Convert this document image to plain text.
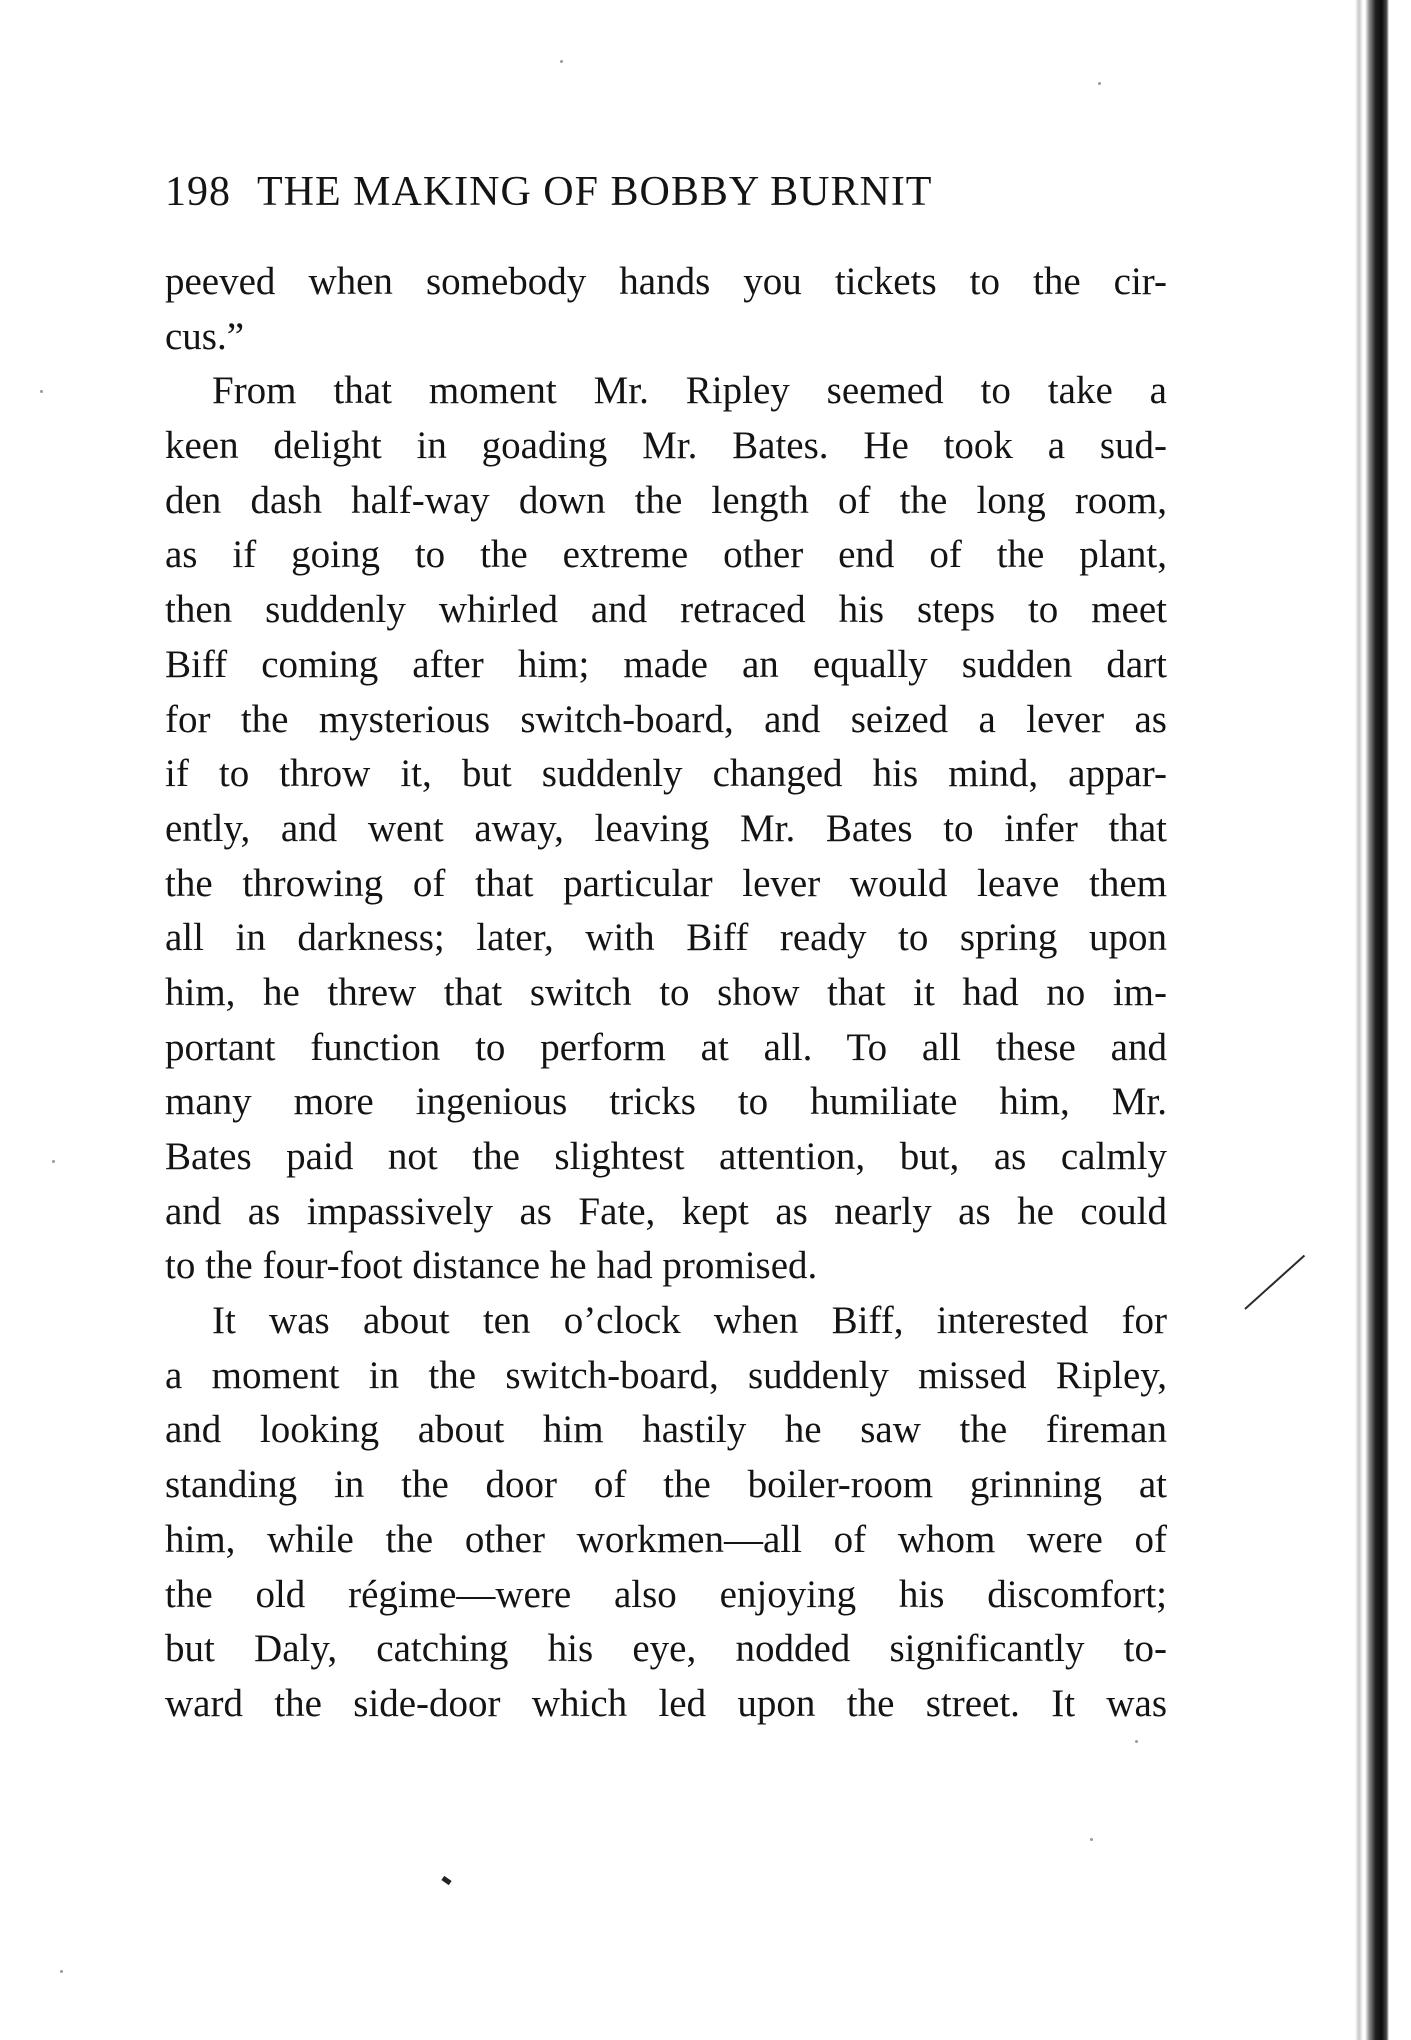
198 THE MAKING OF BOBBY BURNIT
peeved when somebody hands you tickets to the cir-
cus.”
From that moment Mr. Ripley seemed to take a
keen delight in goading Mr. Bates. He took a sud-
den dash half-way down the length of the long room,
as if going to the extreme other end of the plant,
then suddenly whirled and retraced his steps to meet
Biff coming after him; made an equally sudden dart
for the mysterious switch-board, and seized a lever as
if to throw it, but suddenly changed his mind, appar-
ently, and went away, leaving Mr. Bates to infer that
the throwing of that particular lever would leave them
all in darkness; later, with Biff ready to spring upon
him, he threw that switch to show that it had no im-
portant function to perform at all. To all these and
many more ingenious tricks to humiliate him, Mr.
Bates paid not the slightest attention, but, as calmly
and as impassively as Fate, kept as nearly as he could
to the four-foot distance he had promised.
It was about ten o’clock when Biff, interested for
a moment in the switch-board, suddenly missed Ripley,
and looking about him hastily he saw the fireman
standing in the door of the boiler-room grinning at
him, while the other workmen—all of whom were of
the old régime—were also enjoying his discomfort;
but Daly, catching his eye, nodded significantly to-
ward the side-door which led upon the street. It was
